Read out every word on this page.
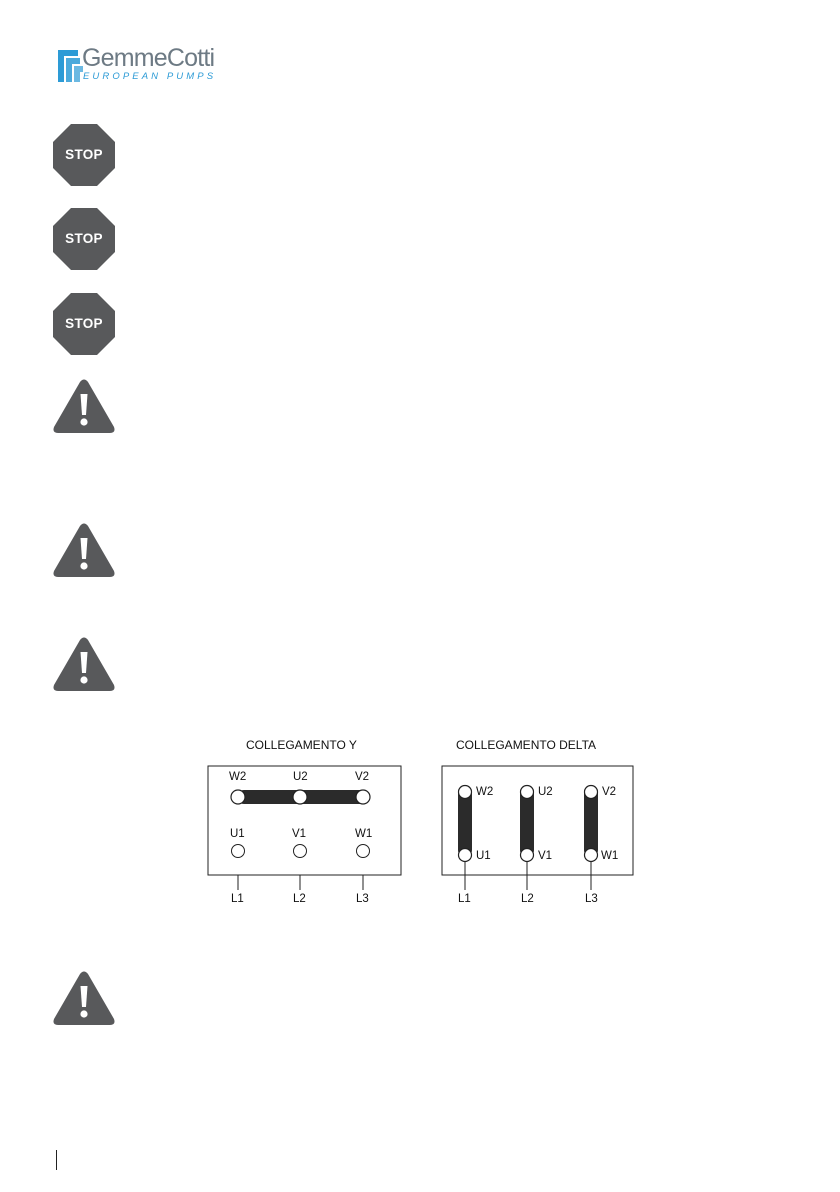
GemmeCotti
EUROPEAN PUMPS
STOP
STOP
STOP
COLLEGAMENTO Y
W2	U2	V2
U1	V1	W1
L1	L2	L3
COLLEGAMENTO DELTA
W2	U2	V2
U1	V1	W1
L1	L2	L3
